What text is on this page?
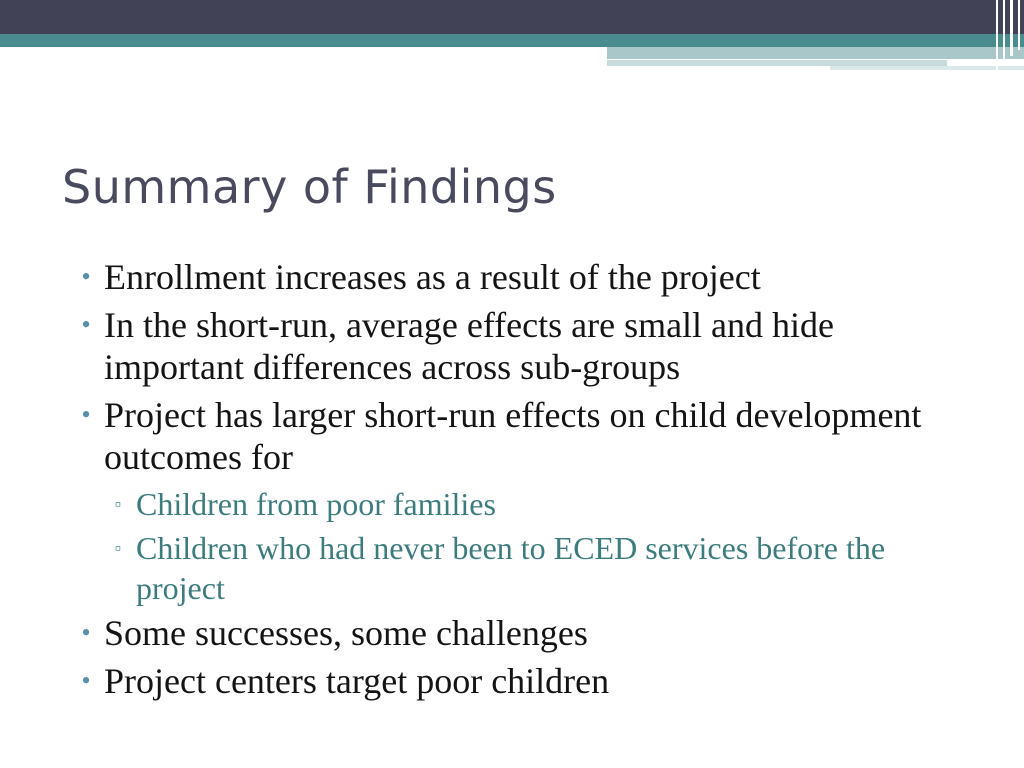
Summary of Findings
• Enrollment increases as a result of the project
• In the short-run, average effects are small and hide important differences across sub-groups
• Project has larger short-run effects on child development outcomes for
▫ Children from poor families
▫ Children who had never been to ECED services before the project
• Some successes, some challenges
• Project centers target poor children
